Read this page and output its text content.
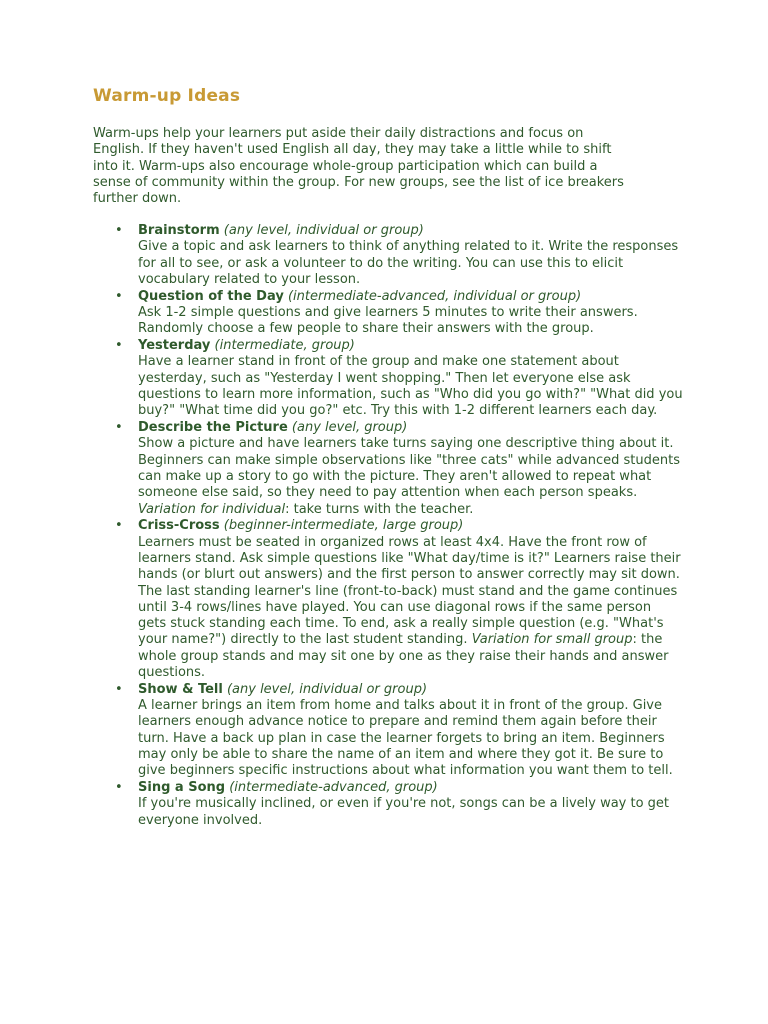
Warm-up Ideas

Warm-ups help your learners put aside their daily distractions and focus on English. If they haven't used English all day, they may take a little while to shift into it. Warm-ups also encourage whole-group participation which can build a sense of community within the group. For new groups, see the list of ice breakers further down.

• Brainstorm (any level, individual or group)
Give a topic and ask learners to think of anything related to it. Write the responses for all to see, or ask a volunteer to do the writing. You can use this to elicit vocabulary related to your lesson.
• Question of the Day (intermediate-advanced, individual or group)
Ask 1-2 simple questions and give learners 5 minutes to write their answers. Randomly choose a few people to share their answers with the group.
• Yesterday (intermediate, group)
Have a learner stand in front of the group and make one statement about yesterday, such as "Yesterday I went shopping." Then let everyone else ask questions to learn more information, such as "Who did you go with?" "What did you buy?" "What time did you go?" etc. Try this with 1-2 different learners each day.
• Describe the Picture (any level, group)
Show a picture and have learners take turns saying one descriptive thing about it. Beginners can make simple observations like "three cats" while advanced students can make up a story to go with the picture. They aren't allowed to repeat what someone else said, so they need to pay attention when each person speaks. Variation for individual: take turns with the teacher.
• Criss-Cross (beginner-intermediate, large group)
Learners must be seated in organized rows at least 4x4. Have the front row of learners stand. Ask simple questions like "What day/time is it?" Learners raise their hands (or blurt out answers) and the first person to answer correctly may sit down. The last standing learner's line (front-to-back) must stand and the game continues until 3-4 rows/lines have played. You can use diagonal rows if the same person gets stuck standing each time. To end, ask a really simple question (e.g. "What's your name?") directly to the last student standing. Variation for small group: the whole group stands and may sit one by one as they raise their hands and answer questions.
• Show & Tell (any level, individual or group)
A learner brings an item from home and talks about it in front of the group. Give learners enough advance notice to prepare and remind them again before their turn. Have a back up plan in case the learner forgets to bring an item. Beginners may only be able to share the name of an item and where they got it. Be sure to give beginners specific instructions about what information you want them to tell.
• Sing a Song (intermediate-advanced, group)
If you're musically inclined, or even if you're not, songs can be a lively way to get everyone involved.
